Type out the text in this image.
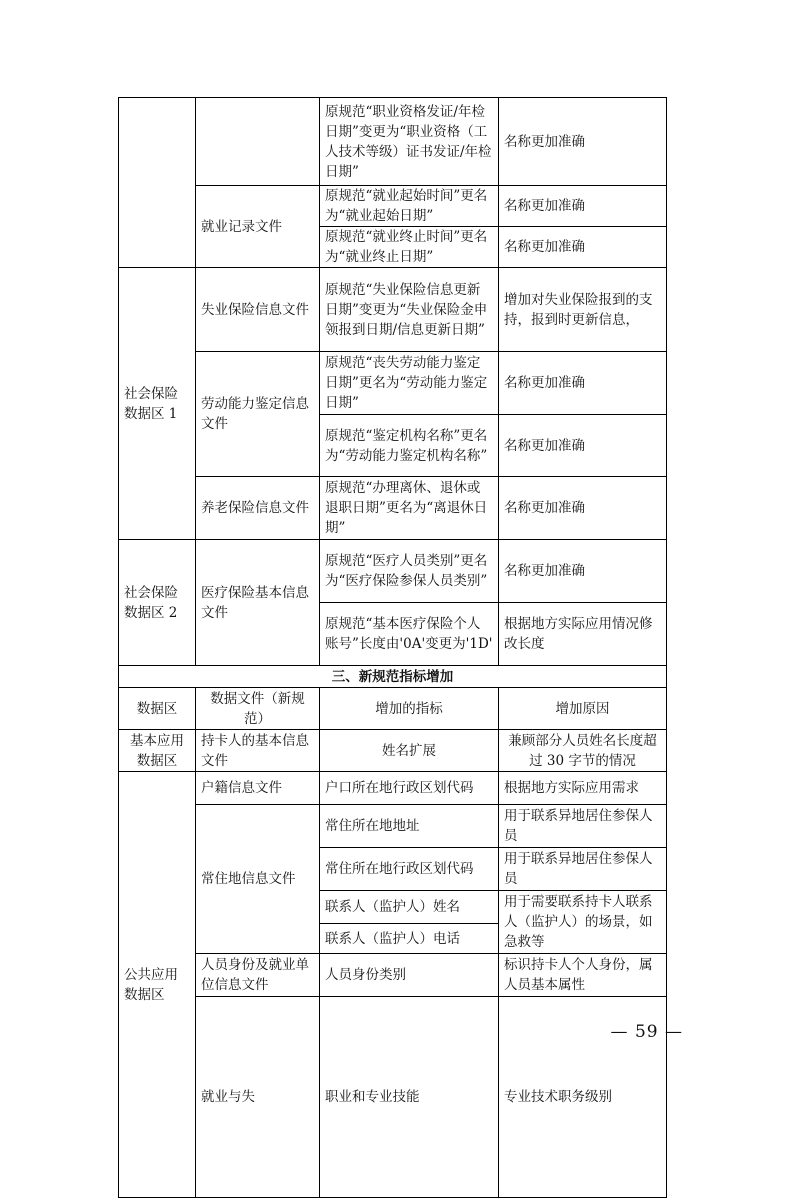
		原规范“职业资格发证/年检日期”变更为“职业资格（工人技术等级）证书发证/年检日期”	名称更加准确	
	就业记录文件	原规范“就业起始时间”更名为“就业起始日期”	名称更加准确	
		原规范“就业终止时间”更名为“就业终止日期”	名称更加准确	
社会保险数据区 1	失业保险信息文件	原规范“失业保险信息更新日期”变更为“失业保险金申领报到日期/信息更新日期”	增加对失业保险报到的支持，报到时更新信息，	
	劳动能力鉴定信息文件	原规范“丧失劳动能力鉴定日期”更名为“劳动能力鉴定日期”	名称更加准确	
		原规范“鉴定机构名称”更名为“劳动能力鉴定机构名称”	名称更加准确	
	养老保险信息文件	原规范“办理离休、退休或退职日期”更名为“离退休日期”	名称更加准确	
社会保险数据区 2	医疗保险基本信息文件	原规范“医疗人员类别”更名为“医疗保险参保人员类别”	名称更加准确	
		原规范“基本医疗保险个人账号”长度由'0A'变更为'1D'	根据地方实际应用情况修改长度	
三、新规范指标增加				
数据区	数据文件（新规范）	增加的指标	增加原因	
基本应用数据区	持卡人的基本信息文件	姓名扩展	兼顾部分人员姓名长度超过 30 字节的情况	
公共应用数据区	户籍信息文件	户口所在地行政区划代码	根据地方实际应用需求	
	常住地信息文件	常住所在地地址	用于联系异地居住参保人员	
		常住所在地行政区划代码	用于联系异地居住参保人员	
		联系人（监护人）姓名	用于需要联系持卡人联系人（监护人）的场景，如急救等	
		联系人（监护人）电话		
	人员身份及就业单位信息文件	人员身份类别	标识持卡人个人身份，属人员基本属性	
	就业与失	职业和专业技能	专业技术职务级别	
— 59 —
